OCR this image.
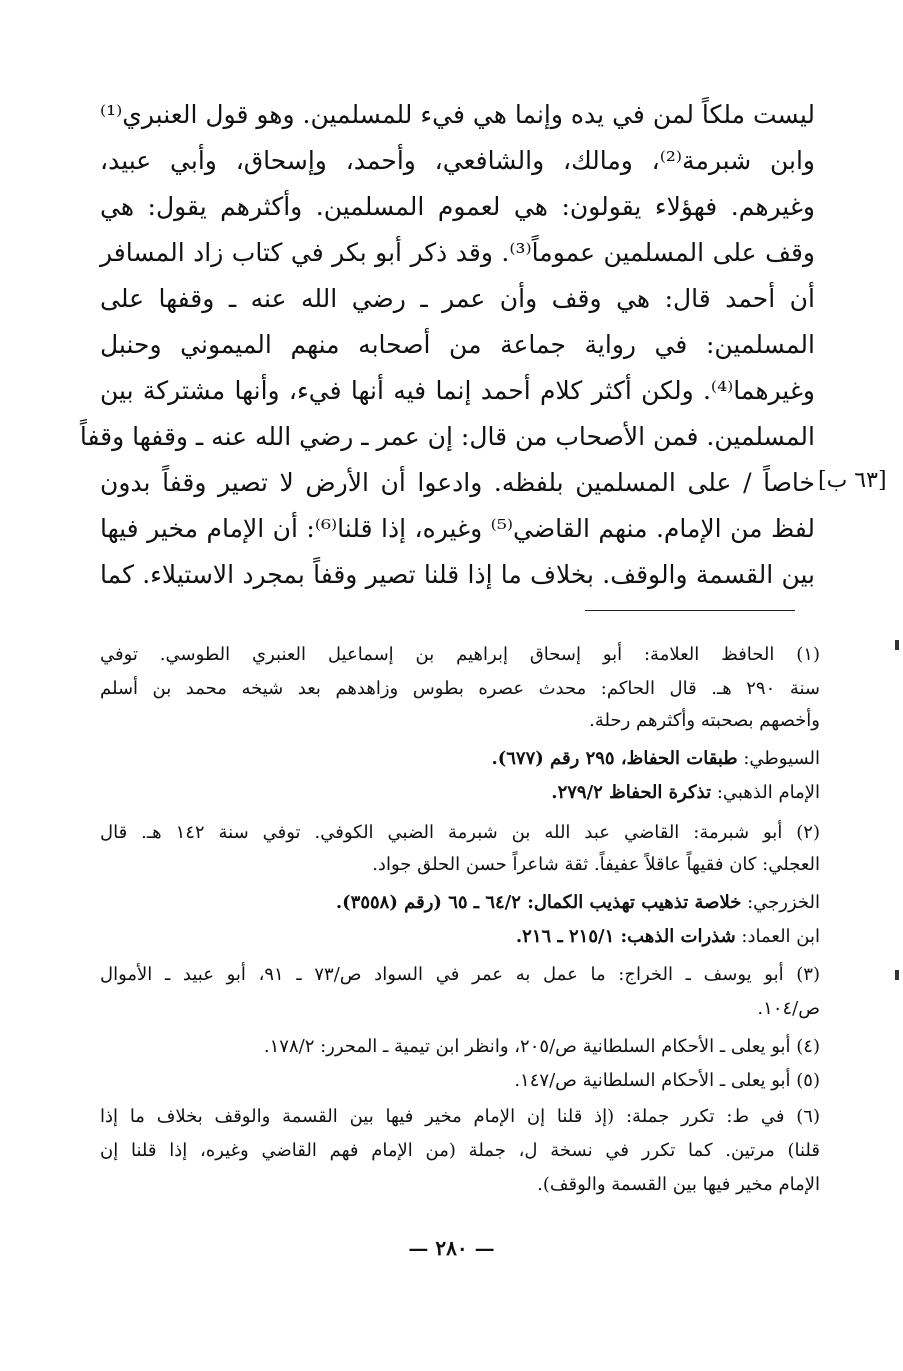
ليست ملكاً لمن في يده وإنما هي فيء للمسلمين. وهو قول العنبري⁽¹⁾
وابن شبرمة⁽²⁾، ومالك، والشافعي، وأحمد، وإسحاق، وأبي عبيد،
وغيرهم. فهؤلاء يقولون: هي لعموم المسلمين. وأكثرهم يقول: هي
وقف على المسلمين عموماً⁽³⁾. وقد ذكر أبو بكر في كتاب زاد المسافر
أن أحمد قال: هي وقف وأن عمر ـ رضي الله عنه ـ وقفها على
المسلمين: في رواية جماعة من أصحابه منهم الميموني وحنبل
وغيرهما⁽⁴⁾. ولكن أكثر كلام أحمد إنما فيه أنها فيء، وأنها مشتركة بين
المسلمين. فمن الأصحاب من قال: إن عمر ـ رضي الله عنه ـ وقفها وقفاً
خاصاً / على المسلمين بلفظه. وادعوا أن الأرض لا تصير وقفاً بدون
لفظ من الإمام. منهم القاضي⁽⁵⁾ وغيره، إذا قلنا⁽⁶⁾: أن الإمام مخير فيها
بين القسمة والوقف. بخلاف ما إذا قلنا تصير وقفاً بمجرد الاستيلاء. كما
[٦٣ ب]
(١) الحافظ العلامة: أبو إسحاق إبراهيم بن إسماعيل العنبري الطوسي. توفي
سنة ٢٩٠ هـ. قال الحاكم: محدث عصره بطوس وزاهدهم بعد شيخه محمد بن أسلم
وأخصهم بصحبته وأكثرهم رحلة.
السيوطي: طبقات الحفاظ، ٢٩٥ رقم (٦٧٧).
الإمام الذهبي: تذكرة الحفاظ ٢٧٩/٢.
(٢) أبو شبرمة: القاضي عبد الله بن شبرمة الضبي الكوفي. توفي سنة ١٤٢ هـ. قال
العجلي: كان فقيهاً عاقلاً عفيفاً. ثقة شاعراً حسن الحلق جواد.
الخزرجي: خلاصة تذهيب تهذيب الكمال: ٦٤/٢ ـ ٦٥ (رقم (٣٥٥٨).
ابن العماد: شذرات الذهب: ٢١٥/١ ـ ٢١٦.
(٣) أبو يوسف ـ الخراج: ما عمل به عمر في السواد ص/٧٣ ـ ٩١، أبو عبيد ـ الأموال
ص/١٠٤.
(٤) أبو يعلى ـ الأحكام السلطانية ص/٢٠٥، وانظر ابن تيمية ـ المحرر: ١٧٨/٢.
(٥) أبو يعلى ـ الأحكام السلطانية ص/١٤٧.
(٦) في ط: تكرر جملة: (إذ قلنا إن الإمام مخير فيها بين القسمة والوقف بخلاف ما إذا
قلنا) مرتين. كما تكرر في نسخة ل، جملة (من الإمام فهم القاضي وغيره، إذا قلنا إن
الإمام مخير فيها بين القسمة والوقف).
— ٢٨٠ —
